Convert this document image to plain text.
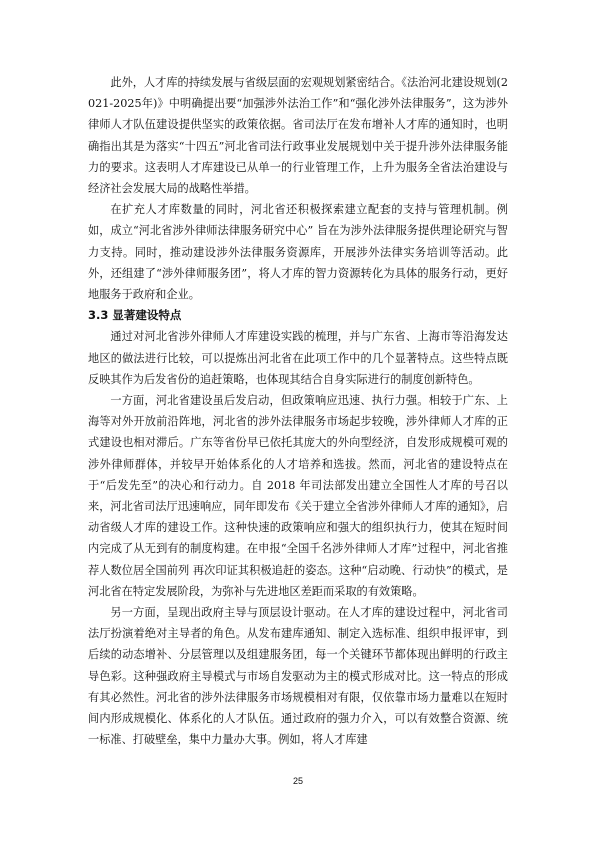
此外，人才库的持续发展与省级层面的宏观规划紧密结合。《法治河北建设规划(2021-2025年)》中明确提出要“加强涉外法治工作”和“强化涉外法律服务”，这为涉外律师人才队伍建设提供坚实的政策依据。省司法厅在发布增补人才库的通知时，也明确指出其是为落实“十四五”河北省司法行政事业发展规划中关于提升涉外法律服务能力的要求。这表明人才库建设已从单一的行业管理工作，上升为服务全省法治建设与经济社会发展大局的战略性举措。

在扩充人才库数量的同时，河北省还积极探索建立配套的支持与管理机制。例如，成立“河北省涉外律师法律服务研究中心” 旨在为涉外法律服务提供理论研究与智力支持。同时，推动建设涉外法律服务资源库，开展涉外法律实务培训等活动。此外，还组建了“涉外律师服务团”，将人才库的智力资源转化为具体的服务行动，更好地服务于政府和企业。

3.3 显著建设特点

通过对河北省涉外律师人才库建设实践的梳理，并与广东省、上海市等沿海发达地区的做法进行比较，可以提炼出河北省在此项工作中的几个显著特点。这些特点既反映其作为后发省份的追赶策略，也体现其结合自身实际进行的制度创新特色。

一方面，河北省建设虽后发启动，但政策响应迅速、执行力强。相较于广东、上海等对外开放前沿阵地，河北省的涉外法律服务市场起步较晚，涉外律师人才库的正式建设也相对滞后。广东等省份早已依托其庞大的外向型经济，自发形成规模可观的涉外律师群体，并较早开始体系化的人才培养和选拔。然而，河北省的建设特点在于“后发先至”的决心和行动力。自 2018 年司法部发出建立全国性人才库的号召以来，河北省司法厅迅速响应，同年即发布《关于建立全省涉外律师人才库的通知》，启动省级人才库的建设工作。这种快速的政策响应和强大的组织执行力，使其在短时间内完成了从无到有的制度构建。在申报“全国千名涉外律师人才库”过程中，河北省推荐人数位居全国前列 再次印证其积极追赶的姿态。这种“启动晚、行动快”的模式，是河北省在特定发展阶段，为弥补与先进地区差距而采取的有效策略。

另一方面，呈现出政府主导与顶层设计驱动。在人才库的建设过程中，河北省司法厅扮演着绝对主导者的角色。从发布建库通知、制定入选标准、组织申报评审，到后续的动态增补、分层管理以及组建服务团，每一个关键环节都体现出鲜明的行政主导色彩。这种强政府主导模式与市场自发驱动为主的模式形成对比。这一特点的形成有其必然性。河北省的涉外法律服务市场规模相对有限，仅依靠市场力量难以在短时间内形成规模化、体系化的人才队伍。通过政府的强力介入，可以有效整合资源、统一标准、打破壁垒，集中力量办大事。例如，将人才库建

25
